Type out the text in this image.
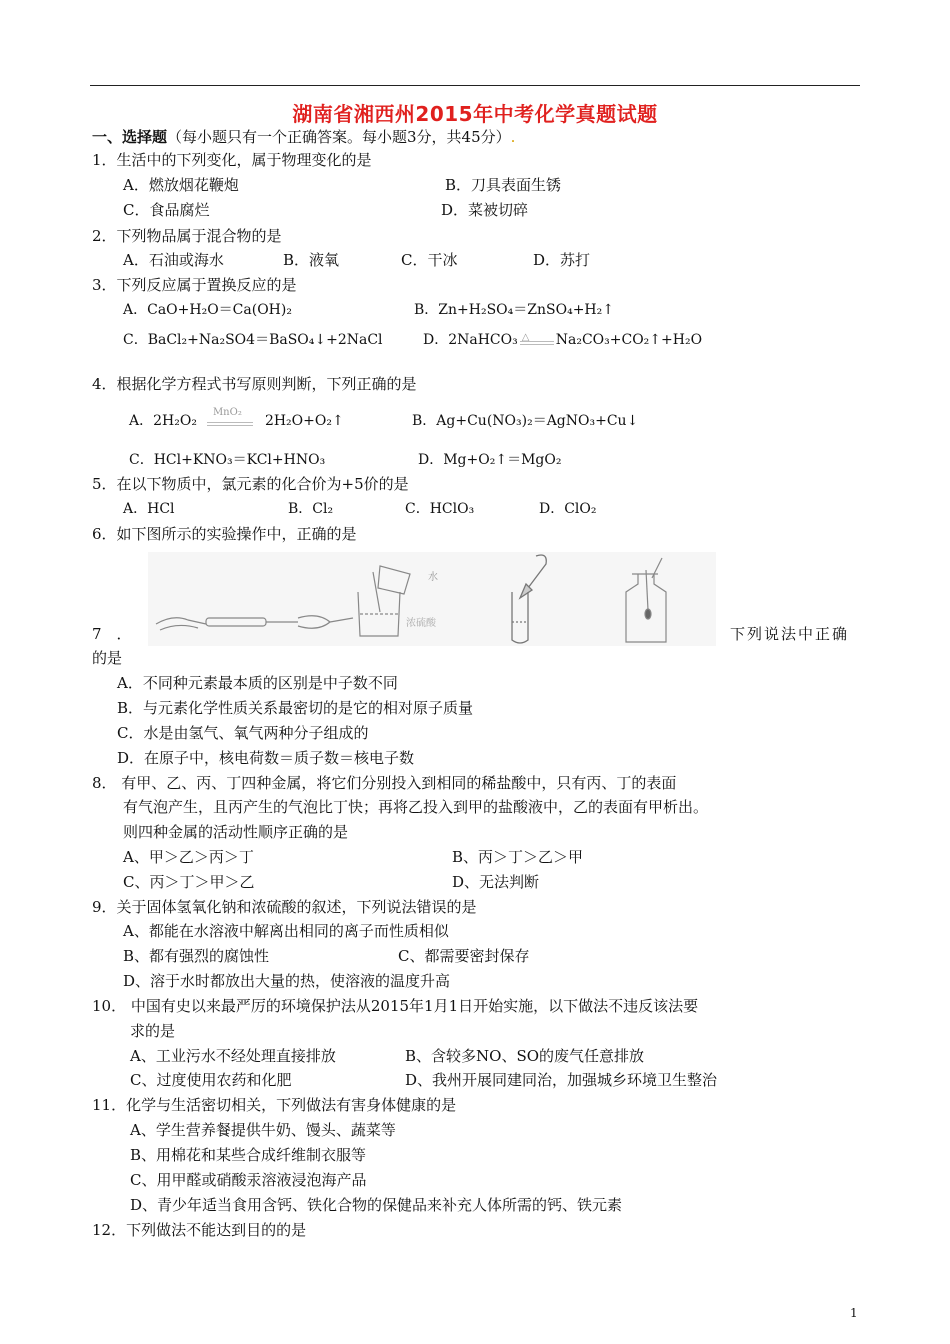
湖南省湘西州2015年中考化学真题试题
一、选择题（每小题只有一个正确答案。每小题3分，共45分）.
1．生活中的下列变化，属于物理变化的是
A．燃放烟花鞭炮	B．刀具表面生锈
C．食品腐烂	D．菜被切碎
2．下列物品属于混合物的是
A．石油或海水	B．液氧	C．干冰	D．苏打
3．下列反应属于置换反应的是
A．CaO+H₂O＝Ca(OH)₂	B．Zn+H₂SO₄＝ZnSO₄+H₂↑
C．BaCl₂+Na₂SO4＝BaSO₄↓+2NaCl	D．2NaHCO₃ △ Na₂CO₃+CO₂↑+H₂O
4．根据化学方程式书写原则判断，下列正确的是
A．2H₂O₂
MnO₂
2H₂O+O₂↑	B．Ag+Cu(NO₃)₂＝AgNO₃+Cu↓
C．HCl+KNO₃＝KCl+HNO₃	D．Mg+O₂↑＝MgO₂
5．在以下物质中，氯元素的化合价为+5价的是
A．HCl	B．Cl₂	C．HClO₃	D．ClO₂
6．如下图所示的实验操作中，正确的是
水
浓硫酸
7　．	下列说法中正确
的是
A．不同种元素最本质的区别是中子数不同
B．与元素化学性质关系最密切的是它的相对原子质量
C．水是由氢气、氧气两种分子组成的
D．在原子中，核电荷数＝质子数＝核电子数
8． 有甲、乙、丙、丁四种金属，将它们分别投入到相同的稀盐酸中，只有丙、丁的表面
有气泡产生，且丙产生的气泡比丁快；再将乙投入到甲的盐酸液中，乙的表面有甲析出。
则四种金属的活动性顺序正确的是
A、甲＞乙＞丙＞丁	B、丙＞丁＞乙＞甲
C、丙＞丁＞甲＞乙	D、无法判断
9．关于固体氢氧化钠和浓硫酸的叙述，下列说法错误的是
A、都能在水溶液中解离出相同的离子而性质相似
B、都有强烈的腐蚀性	C、都需要密封保存
D、溶于水时都放出大量的热，使溶液的温度升高
10． 中国有史以来最严厉的环境保护法从2015年1月1日开始实施，以下做法不违反该法要
求的是
A、工业污水不经处理直接排放	B、含较多NO、SO的废气任意排放
C、过度使用农药和化肥	D、我州开展同建同治，加强城乡环境卫生整治
11．化学与生活密切相关，下列做法有害身体健康的是
A、学生营养餐提供牛奶、馒头、蔬菜等
B、用棉花和某些合成纤维制衣服等
C、用甲醛或硝酸汞溶液浸泡海产品
D、青少年适当食用含钙、铁化合物的保健品来补充人体所需的钙、铁元素
12．下列做法不能达到目的的是
1
